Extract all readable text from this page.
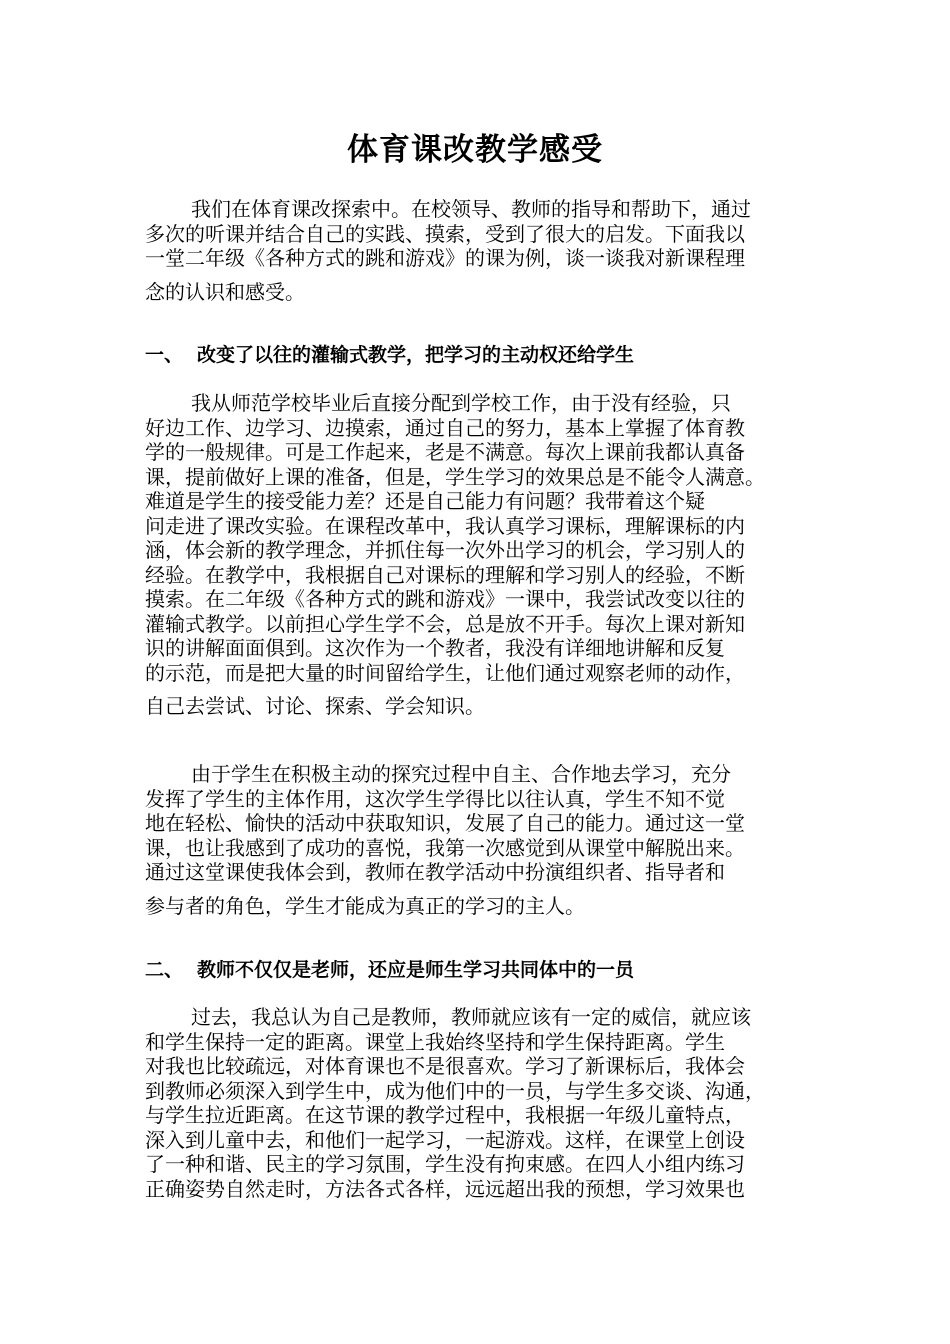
体育课改教学感受
我们在体育课改探索中。在校领导、教师的指导和帮助下，通过
多次的听课并结合自己的实践、摸索，受到了很大的启发。下面我以
一堂二年级《各种方式的跳和游戏》的课为例，谈一谈我对新课程理
念的认识和感受。
一、 改变了以往的灌输式教学，把学习的主动权还给学生
我从师范学校毕业后直接分配到学校工作，由于没有经验，只
好边工作、边学习、边摸索，通过自己的努力，基本上掌握了体育教
学的一般规律。可是工作起来，老是不满意。每次上课前我都认真备
课，提前做好上课的准备，但是，学生学习的效果总是不能令人满意。
难道是学生的接受能力差？还是自己能力有问题？我带着这个疑
问走进了课改实验。在课程改革中，我认真学习课标，理解课标的内
涵，体会新的教学理念，并抓住每一次外出学习的机会，学习别人的
经验。在教学中，我根据自己对课标的理解和学习别人的经验，不断
摸索。在二年级《各种方式的跳和游戏》一课中，我尝试改变以往的
灌输式教学。以前担心学生学不会，总是放不开手。每次上课对新知
识的讲解面面俱到。这次作为一个教者，我没有详细地讲解和反复
的示范，而是把大量的时间留给学生，让他们通过观察老师的动作，
自己去尝试、讨论、探索、学会知识。
由于学生在积极主动的探究过程中自主、合作地去学习，充分
发挥了学生的主体作用，这次学生学得比以往认真，学生不知不觉
地在轻松、愉快的活动中获取知识，发展了自己的能力。通过这一堂
课，也让我感到了成功的喜悦，我第一次感觉到从课堂中解脱出来。
通过这堂课使我体会到，教师在教学活动中扮演组织者、指导者和
参与者的角色，学生才能成为真正的学习的主人。
二、 教师不仅仅是老师，还应是师生学习共同体中的一员
过去，我总认为自己是教师，教师就应该有一定的威信，就应该
和学生保持一定的距离。课堂上我始终坚持和学生保持距离。学生
对我也比较疏远，对体育课也不是很喜欢。学习了新课标后，我体会
到教师必须深入到学生中，成为他们中的一员，与学生多交谈、沟通，
与学生拉近距离。在这节课的教学过程中，我根据一年级儿童特点，
深入到儿童中去，和他们一起学习，一起游戏。这样，在课堂上创设
了一种和谐、民主的学习氛围，学生没有拘束感。在四人小组内练习
正确姿势自然走时，方法各式各样，远远超出我的预想，学习效果也
